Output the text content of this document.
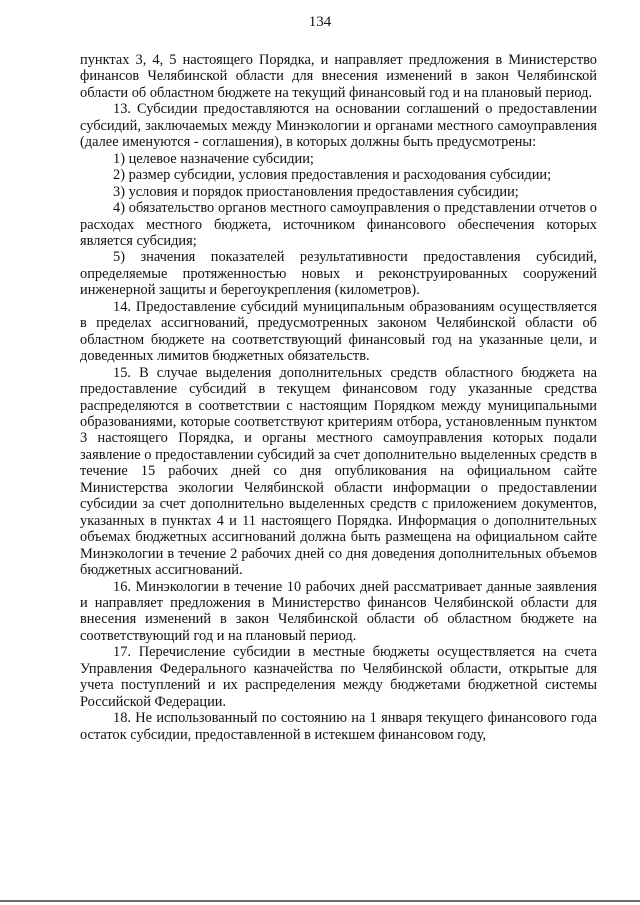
134

пунктах 3, 4, 5 настоящего Порядка, и направляет предложения в Министерство финансов Челябинской области для внесения изменений в закон Челябинской области об областном бюджете на текущий финансовый год и на плановый период.

13. Субсидии предоставляются на основании соглашений о предоставлении субсидий, заключаемых между Минэкологии и органами местного самоуправления (далее именуются - соглашения), в которых должны быть предусмотрены:

1) целевое назначение субсидии;

2) размер субсидии, условия предоставления и расходования субсидии;

3) условия и порядок приостановления предоставления субсидии;

4) обязательство органов местного самоуправления о представлении отчетов о расходах местного бюджета, источником финансового обеспечения которых является субсидия;

5) значения показателей результативности предоставления субсидий, определяемые протяженностью новых и реконструированных сооружений инженерной защиты и берегоукрепления (километров).

14. Предоставление субсидий муниципальным образованиям осуществляется в пределах ассигнований, предусмотренных законом Челябинской области об областном бюджете на соответствующий финансовый год на указанные цели, и доведенных лимитов бюджетных обязательств.

15. В случае выделения дополнительных средств областного бюджета на предоставление субсидий в текущем финансовом году указанные средства распределяются в соответствии с настоящим Порядком между муниципальными образованиями, которые соответствуют критериям отбора, установленным пунктом 3 настоящего Порядка, и органы местного самоуправления которых подали заявление о предоставлении субсидий за счет дополнительно выделенных средств в течение 15 рабочих дней со дня опубликования на официальном сайте Министерства экологии Челябинской области информации о предоставлении субсидии за счет дополнительно выделенных средств с приложением документов, указанных в пунктах 4 и 11 настоящего Порядка. Информация о дополнительных объемах бюджетных ассигнований должна быть размещена на официальном сайте Минэкологии в течение 2 рабочих дней со дня доведения дополнительных объемов бюджетных ассигнований.

16. Минэкологии в течение 10 рабочих дней рассматривает данные заявления и направляет предложения в Министерство финансов Челябинской области для внесения изменений в закон Челябинской области об областном бюджете на соответствующий год и на плановый период.

17. Перечисление субсидии в местные бюджеты осуществляется на счета Управления Федерального казначейства по Челябинской области, открытые для учета поступлений и их распределения между бюджетами бюджетной системы Российской Федерации.

18. Не использованный по состоянию на 1 января текущего финансового года остаток субсидии, предоставленной в истекшем финансовом году,
